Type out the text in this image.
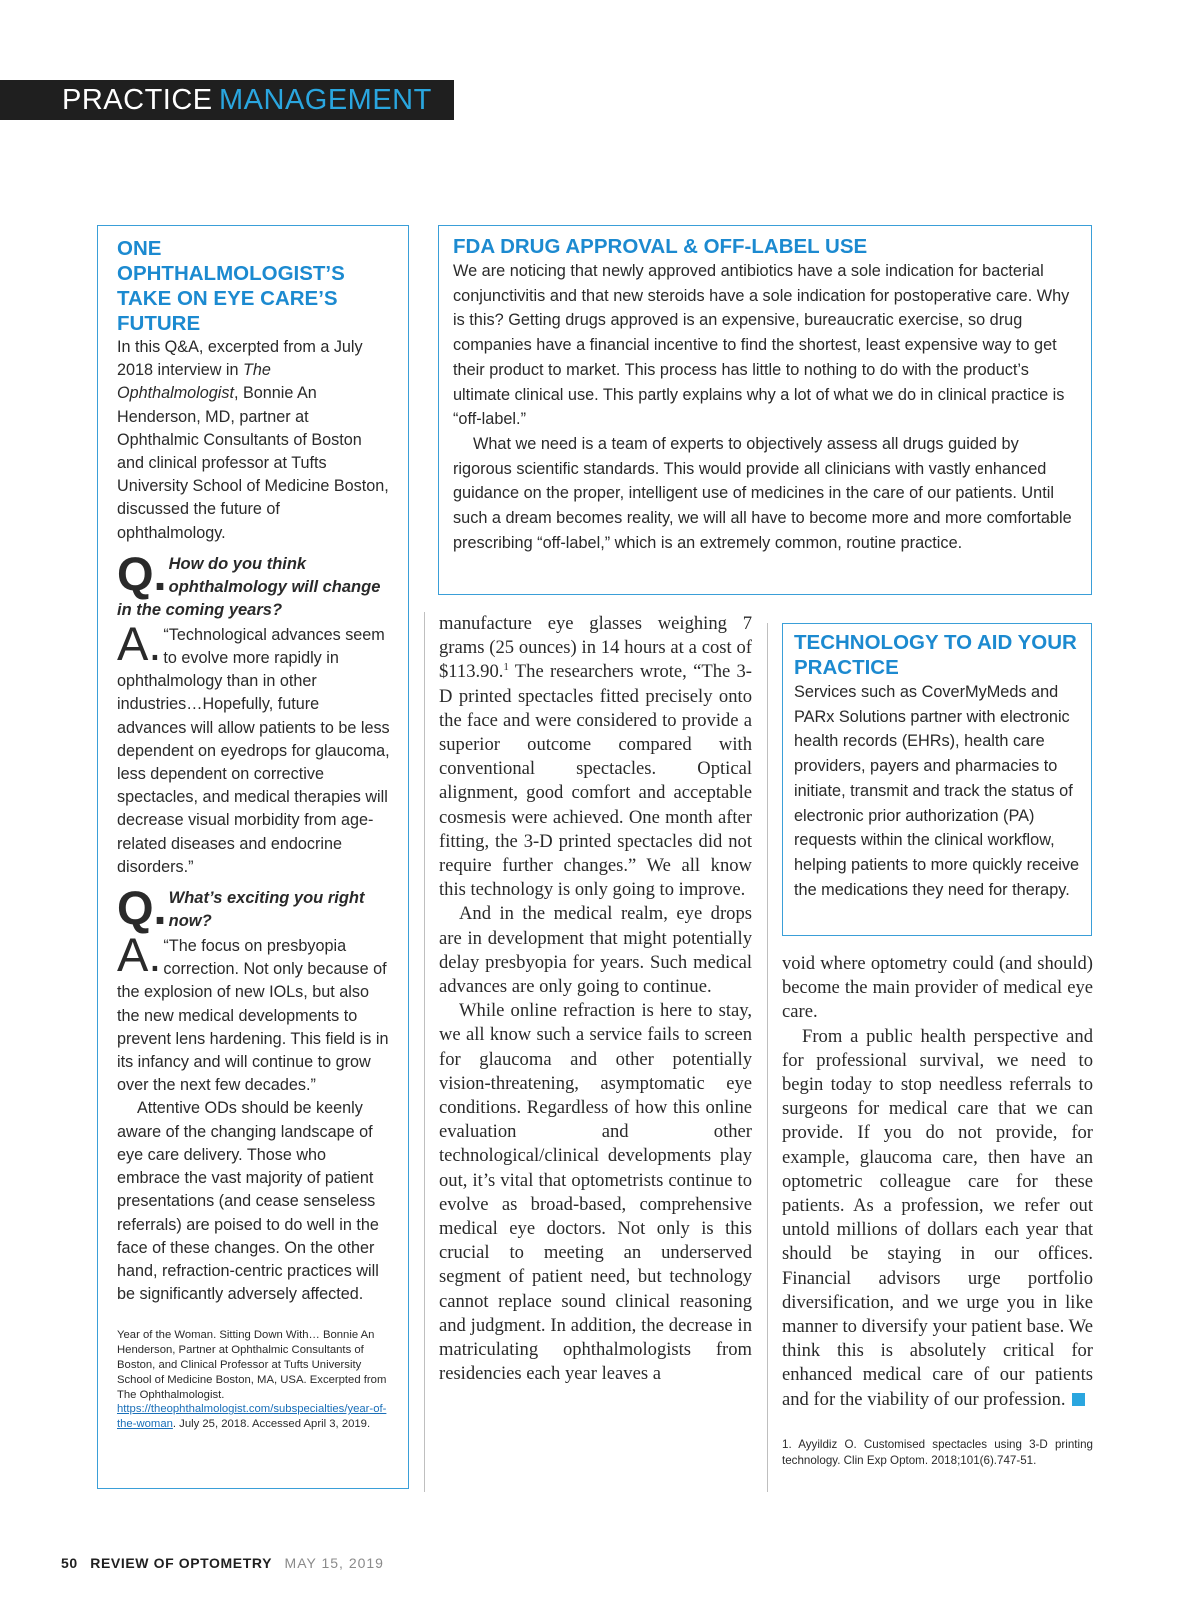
PRACTICE MANAGEMENT
ONE OPHTHALMOLOGIST’S TAKE ON EYE CARE’S FUTURE
In this Q&A, excerpted from a July 2018 interview in The Ophthalmologist, Bonnie An Henderson, MD, partner at Ophthalmic Consultants of Boston and clinical professor at Tufts University School of Medicine Boston, discussed the future of ophthalmology.
Q. How do you think ophthalmology will change in the coming years?
A. “Technological advances seem to evolve more rapidly in ophthalmology than in other industries…Hopefully, future advances will allow patients to be less dependent on eyedrops for glaucoma, less dependent on corrective spectacles, and medical therapies will decrease visual morbidity from age-related diseases and endocrine disorders.”
Q. What’s exciting you right now?
A. “The focus on presbyopia correction. Not only because of the explosion of new IOLs, but also the new medical developments to prevent lens hardening. This field is in its infancy and will continue to grow over the next few decades.”
Attentive ODs should be keenly aware of the changing landscape of eye care delivery. Those who embrace the vast majority of patient presentations (and cease senseless referrals) are poised to do well in the face of these changes. On the other hand, refraction-centric practices will be significantly adversely affected.
Year of the Woman. Sitting Down With… Bonnie An Henderson, Partner at Ophthalmic Consultants of Boston, and Clinical Professor at Tufts University School of Medicine Boston, MA, USA. Excerpted from The Ophthalmologist. https://theophthalmologist.com/subspecialties/year-of-the-woman. July 25, 2018. Accessed April 3, 2019.
FDA DRUG APPROVAL & OFF-LABEL USE

We are noticing that newly approved antibiotics have a sole indication for bacterial conjunctivitis and that new steroids have a sole indication for postoperative care. Why is this? Getting drugs approved is an expensive, bureaucratic exercise, so drug companies have a financial incentive to find the shortest, least expensive way to get their product to market. This process has little to nothing to do with the product’s ultimate clinical use. This partly explains why a lot of what we do in clinical practice is “off-label.”

What we need is a team of experts to objectively assess all drugs guided by rigorous scientific standards. This would provide all clinicians with vastly enhanced guidance on the proper, intelligent use of medicines in the care of our patients. Until such a dream becomes reality, we will all have to become more and more comfortable prescribing “off-label,” which is an extremely common, routine practice.

manufacture eye glasses weighing 7 grams (25 ounces) in 14 hours at a cost of $113.90.$^1$ The researchers wrote, “The 3-D printed spectacles fitted precisely onto the face and were considered to provide a superior outcome compared with conventional spectacles. Optical alignment, good comfort and acceptable cosmesis were achieved. One month after fitting, the 3-D printed spectacles did not require further changes.” We all know this technology is only going to improve.

And in the medical realm, eye drops are in development that might potentially delay presbyopia for years. Such medical advances are only going to continue.

While online refraction is here to stay, we all know such a service fails to screen for glaucoma and other potentially vision-threatening, asymptomatic eye conditions. Regardless of how this online evaluation and other technological/clinical developments play out, it’s vital that optometrists continue to evolve as broad-based, comprehensive medical eye doctors. Not only is this crucial to meeting an underserved segment of patient need, but technology cannot replace sound clinical reasoning and judgment. In addition, the decrease in matriculating ophthalmologists from residencies each year leaves a

TECHNOLOGY TO AID YOUR PRACTICE
Services such as CoverMyMeds and PARx Solutions partner with electronic health records (EHRs), health care providers, payers and pharmacies to initiate, transmit and track the status of electronic prior authorization (PA) requests within the clinical workflow, helping patients to more quickly receive the medications they need for therapy.

void where optometry could (and should) become the main provider of medical eye care.

From a public health perspective and for professional survival, we need to begin today to stop needless referrals to surgeons for medical care that we can provide. If you do not provide, for example, glaucoma care, then have an optometric colleague care for these patients. As a profession, we refer out untold millions of dollars each year that should be staying in our offices. Financial advisors urge portfolio diversification, and we urge you in like manner to diversify your patient base. We think this is absolutely critical for enhanced medical care of our patients and for the viability of our profession.

1. Ayyildiz O. Customised spectacles using 3-D printing technology. Clin Exp Optom. 2018;101(6).747-51.
50 REVIEW OF OPTOMETRY MAY 15, 2019
